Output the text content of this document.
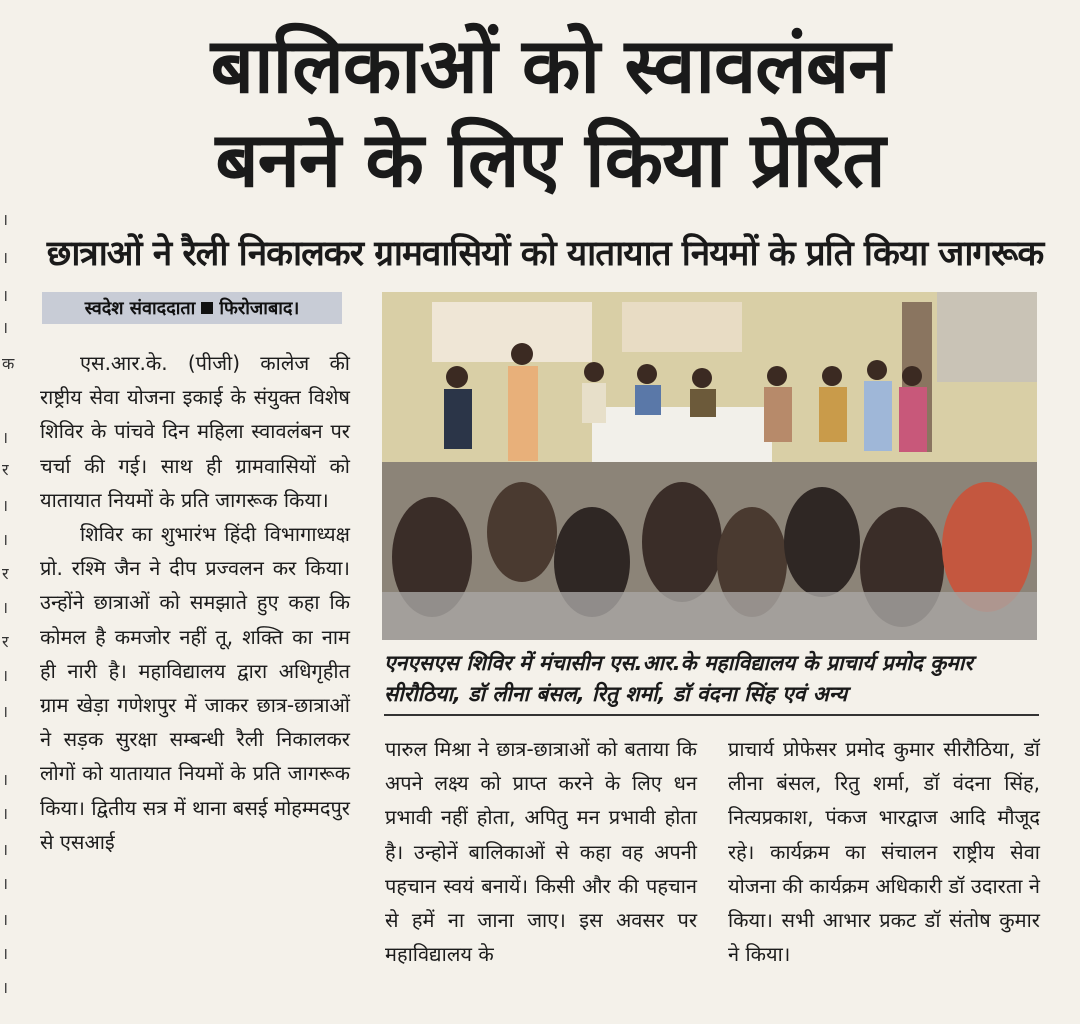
।
।
।
।
क
।
र
।
।
र
।
र
।
।
।
।
।
।
।
।
।
बालिकाओं को स्वावलंबन
बनने के लिए किया प्रेरित
छात्राओं ने रैली निकालकर ग्रामवासियों को यातायात नियमों के प्रति किया जागरूक
स्वदेश संवाददाता फिरोजाबाद।

एस.आर.के. (पीजी) कालेज की राष्ट्रीय सेवा योजना इकाई के संयुक्त विशेष शिविर के पांचवे दिन महिला स्वावलंबन पर चर्चा की गई। साथ ही ग्रामवासियों को यातायात नियमों के प्रति जागरूक किया।

शिविर का शुभारंभ हिंदी विभागाध्यक्ष प्रो. रश्मि जैन ने दीप प्रज्वलन कर किया। उन्होंने छात्राओं को समझाते हुए कहा कि कोमल है कमजोर नहीं तू, शक्ति का नाम ही नारी है। महाविद्यालय द्वारा अधिगृहीत ग्राम खेड़ा गणेशपुर में जाकर छात्र-छात्राओं ने सड़क सुरक्षा सम्बन्धी रैली निकालकर लोगों को यातायात नियमों के प्रति जागरूक किया। द्वितीय सत्र में थाना बसई मोहम्मदपुर से एसआई

एनएसएस शिविर में मंचासीन एस.आर.के महाविद्यालय के प्राचार्य प्रमोद कुमार सीरौठिया, डॉ लीना बंसल, रितु शर्मा, डॉ वंदना सिंह एवं अन्य

पारुल मिश्रा ने छात्र-छात्राओं को बताया कि अपने लक्ष्य को प्राप्त करने के लिए धन प्रभावी नहीं होता, अपितु मन प्रभावी होता है। उन्होनें बालिकाओं से कहा वह अपनी पहचान स्वयं बनायें। किसी और की पहचान से हमें ना जाना जाए। इस अवसर पर महाविद्यालय के

प्राचार्य प्रोफेसर प्रमोद कुमार सीरौठिया, डॉ लीना बंसल, रितु शर्मा, डॉ वंदना सिंह, नित्यप्रकाश, पंकज भारद्वाज आदि मौजूद रहे। कार्यक्रम का संचालन राष्ट्रीय सेवा योजना की कार्यक्रम अधिकारी डॉ उदारता ने किया। सभी आभार प्रकट डॉ संतोष कुमार ने किया।
